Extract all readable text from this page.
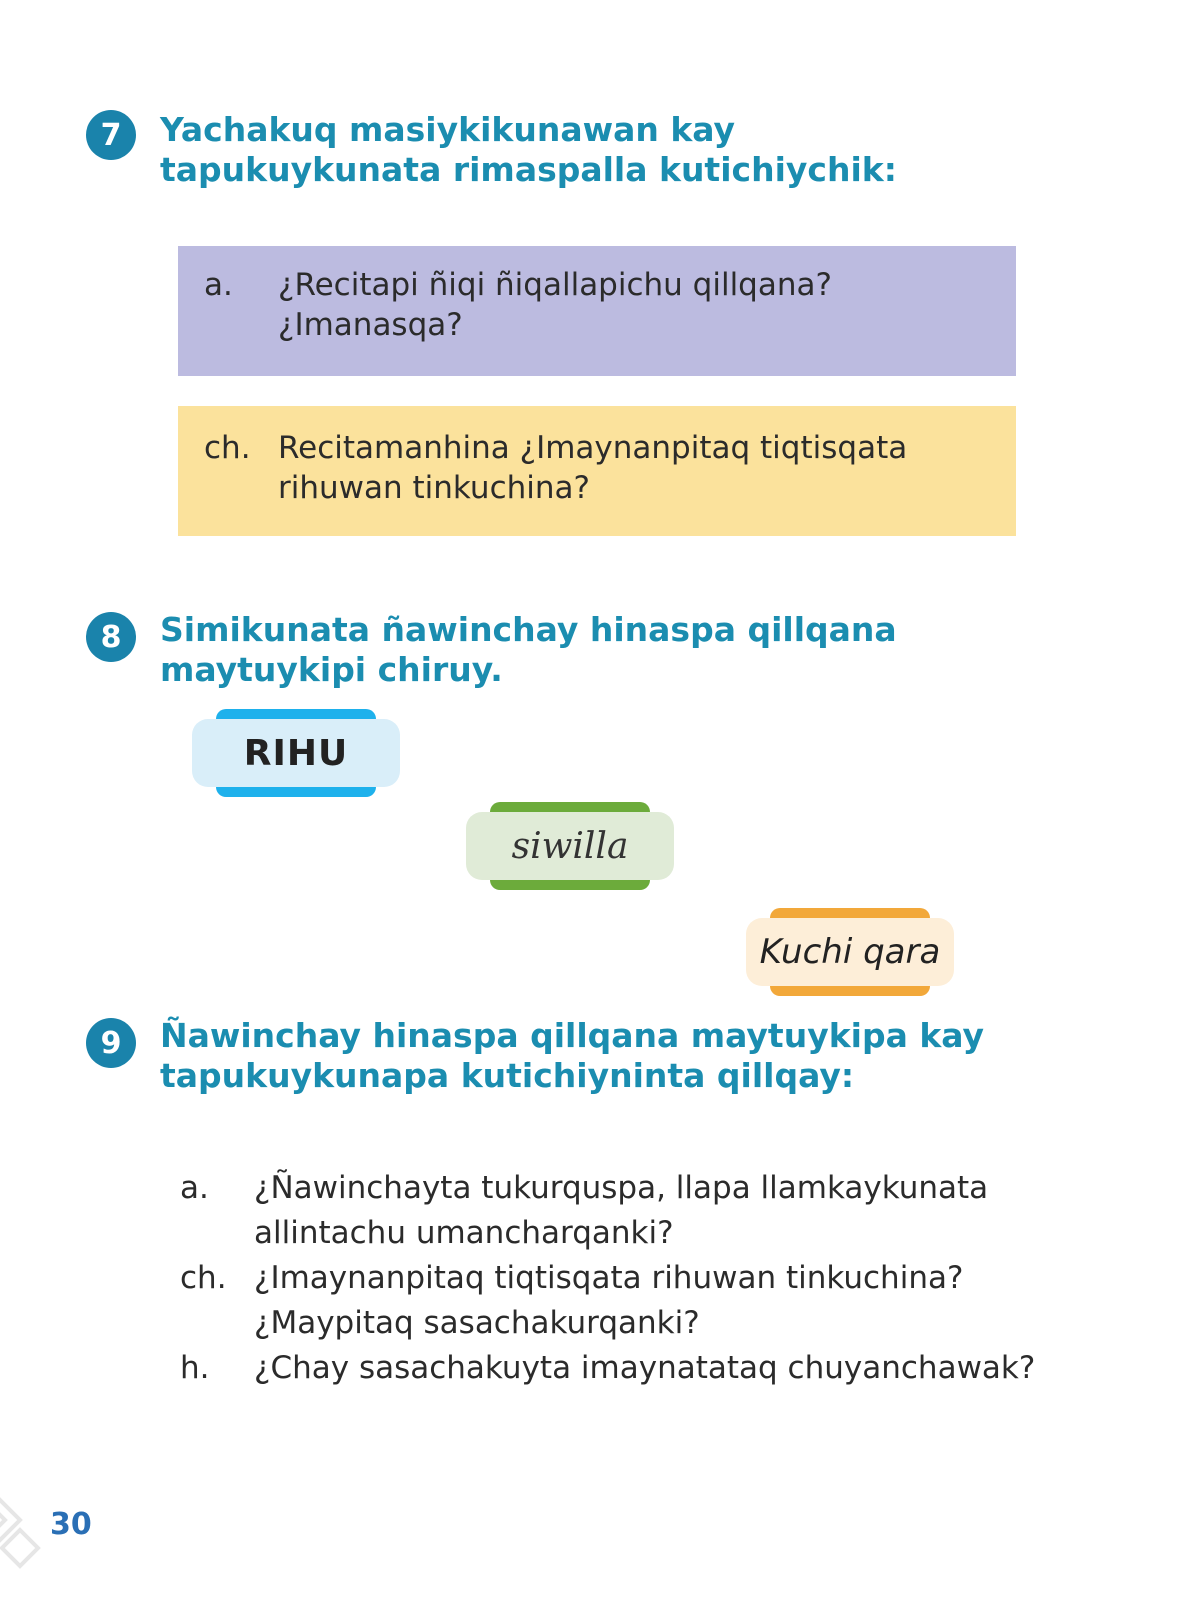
7	Yachakuq masiykikunawan kay tapukuykunata rimaspalla kutichiychik:
a. ¿Recitapi ñiqi ñiqallapichu qillqana? ¿Imanasqa?
ch. Recitamanhina ¿Imaynanpitaq tiqtisqata rihuwan tinkuchina?
8	Simikunata ñawinchay hinaspa qillqana maytuykipi chiruy.
RIHU
siwilla
Kuchi qara
9	Ñawinchay hinaspa qillqana maytuykipa kay tapukuykunapa kutichiyninta qillqay:
a. ¿Ñawinchayta tukurquspa, llapa llamkaykunata allintachu umancharqanki?
ch. ¿Imaynanpitaq tiqtisqata rihuwan tinkuchina? ¿Maypitaq sasachakurqanki?
h. ¿Chay sasachakuyta imaynatataq chuyanchawak?
30
